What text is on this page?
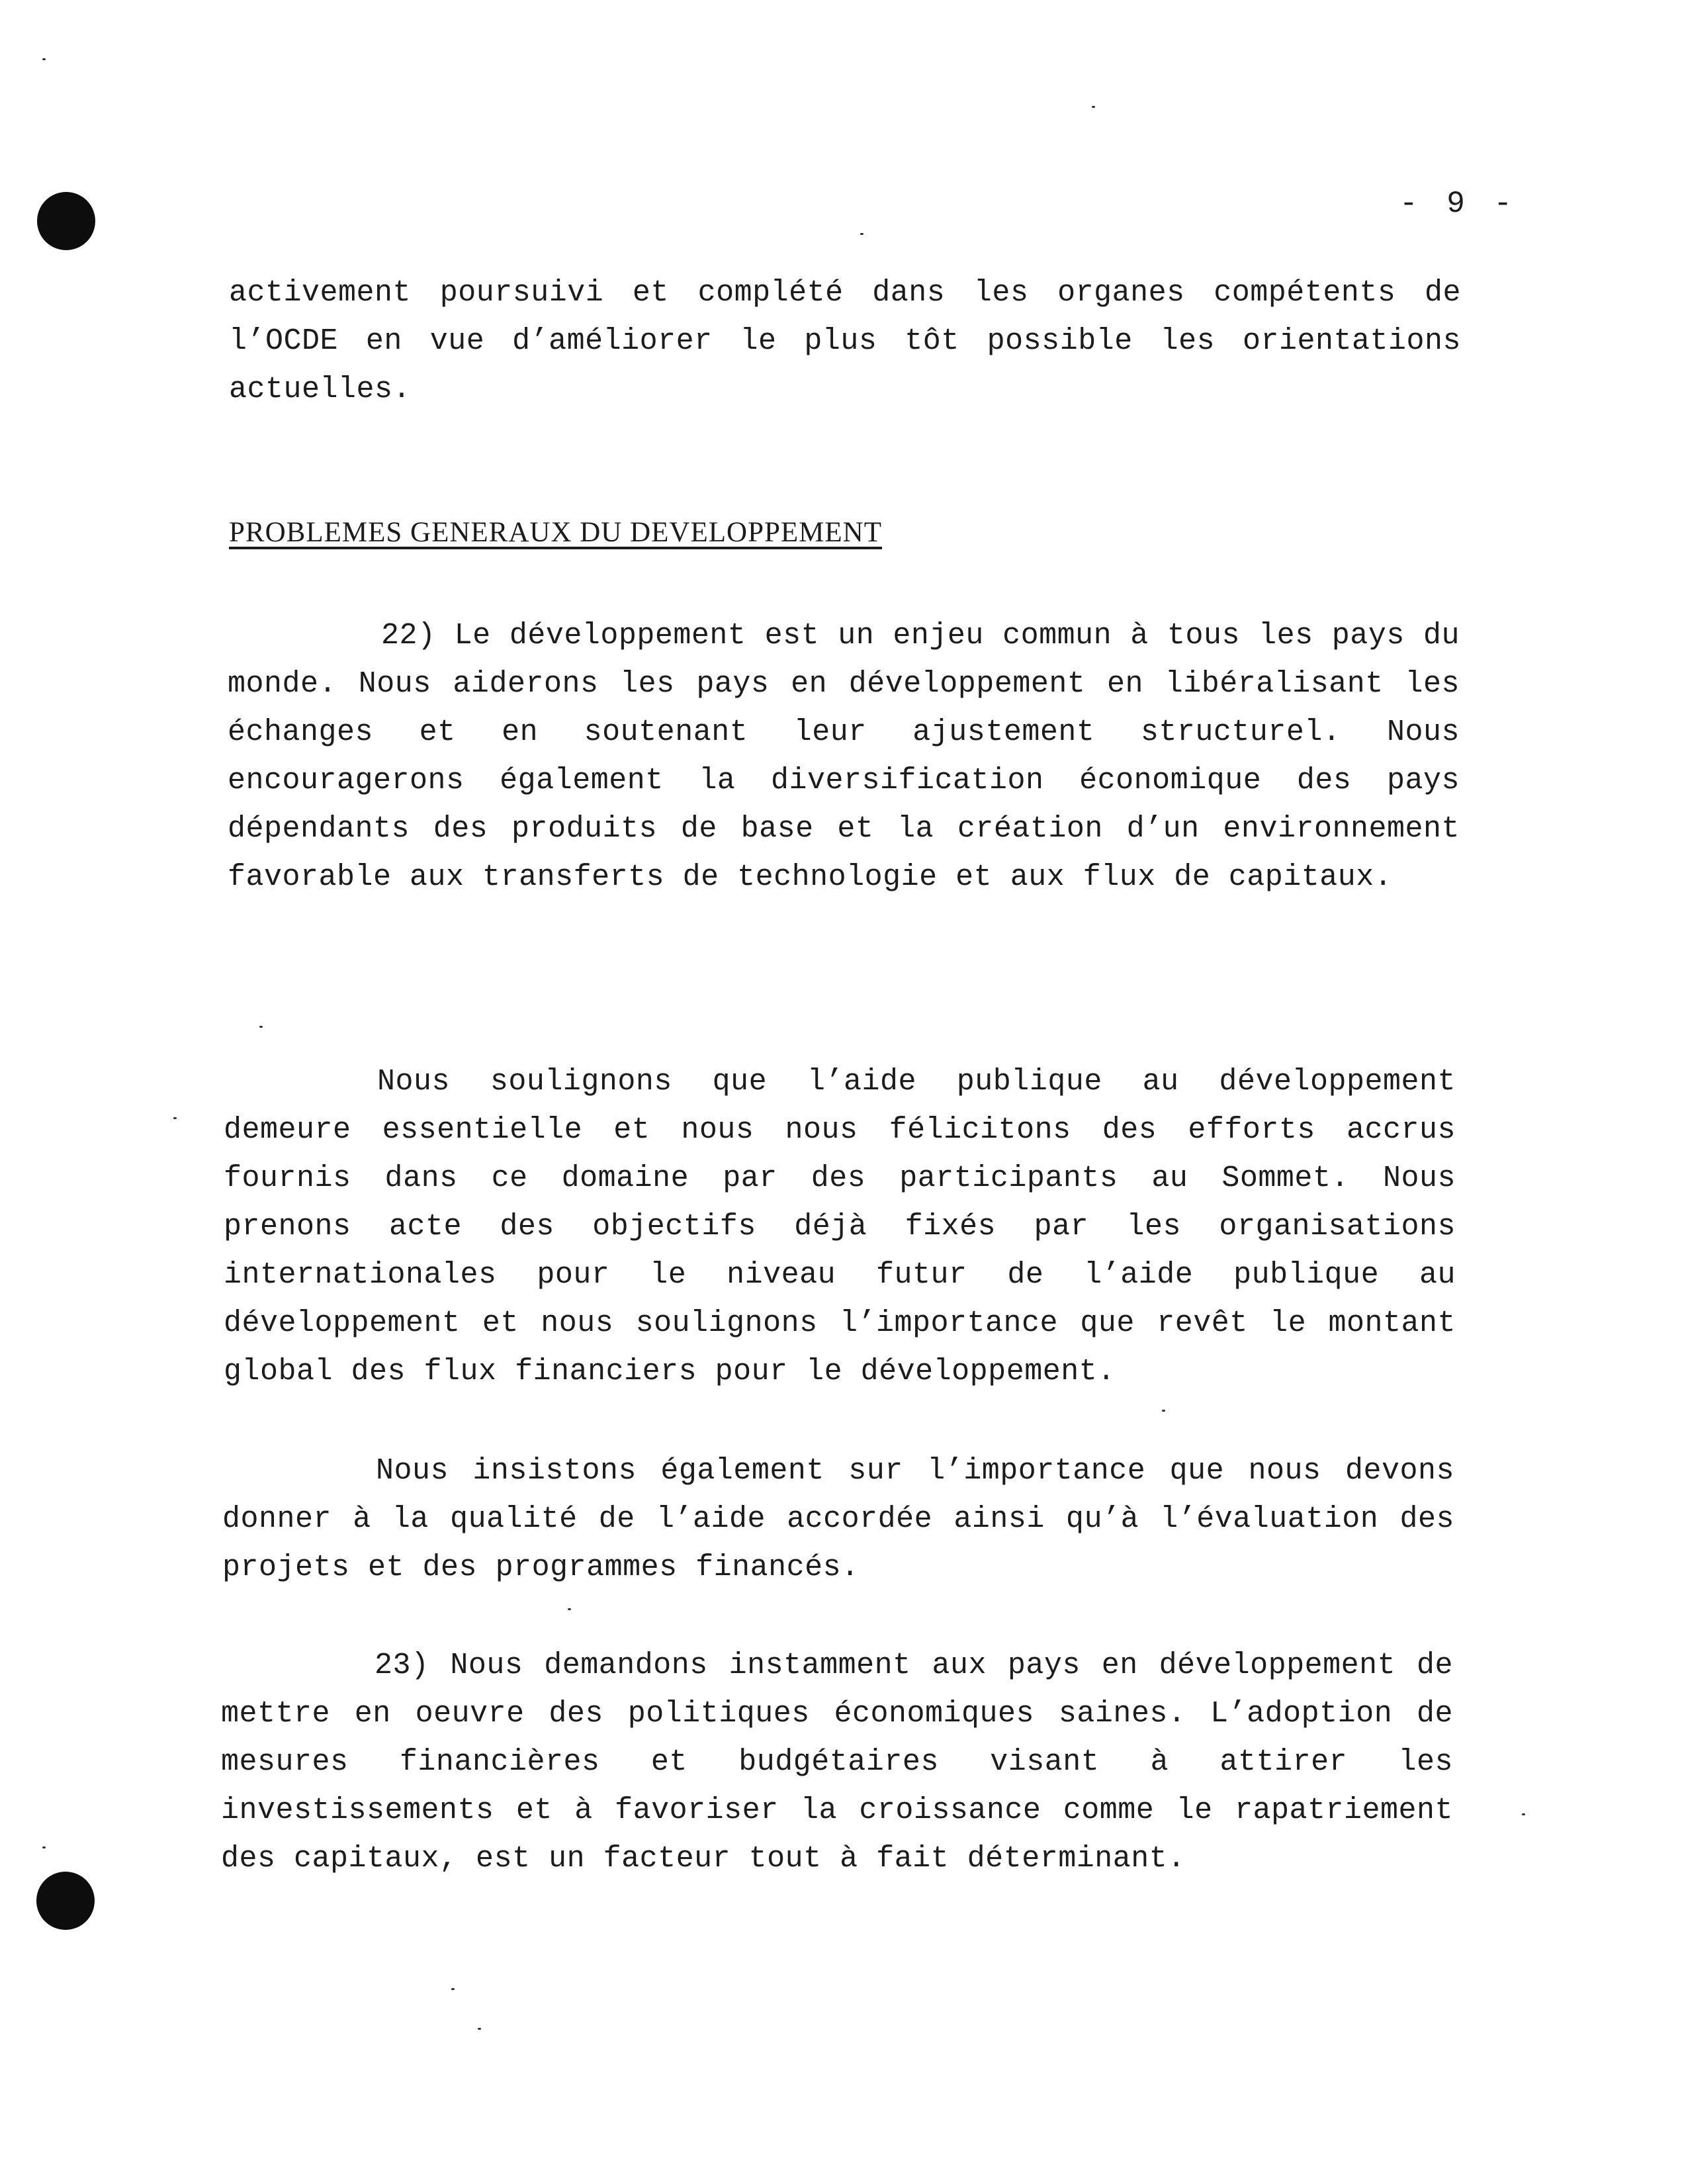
- 9 -

activement poursuivi et complété dans les organes compétents de l’OCDE en vue d’améliorer le plus tôt possible les orientations actuelles.

PROBLEMES GENERAUX DU DEVELOPPEMENT

22) Le développement est un enjeu commun à tous les pays du monde. Nous aiderons les pays en développement en libéralisant les échanges et en soutenant leur ajustement structurel. Nous encouragerons également la diversification économique des pays dépendants des produits de base et la création d’un environnement favorable aux transferts de technologie et aux flux de capitaux.

Nous soulignons que l’aide publique au développement demeure essentielle et nous nous félicitons des efforts accrus fournis dans ce domaine par des participants au Sommet. Nous prenons acte des objectifs déjà fixés par les organisations internationales pour le niveau futur de l’aide publique au développement et nous soulignons l’importance que revêt le montant global des flux financiers pour le développement.

Nous insistons également sur l’importance que nous devons donner à la qualité de l’aide accordée ainsi qu’à l’évaluation des projets et des programmes financés.

23) Nous demandons instamment aux pays en développement de mettre en oeuvre des politiques économiques saines. L’adoption de mesures financières et budgétaires visant à attirer les investissements et à favoriser la croissance comme le rapatriement des capitaux, est un facteur tout à fait déterminant.
